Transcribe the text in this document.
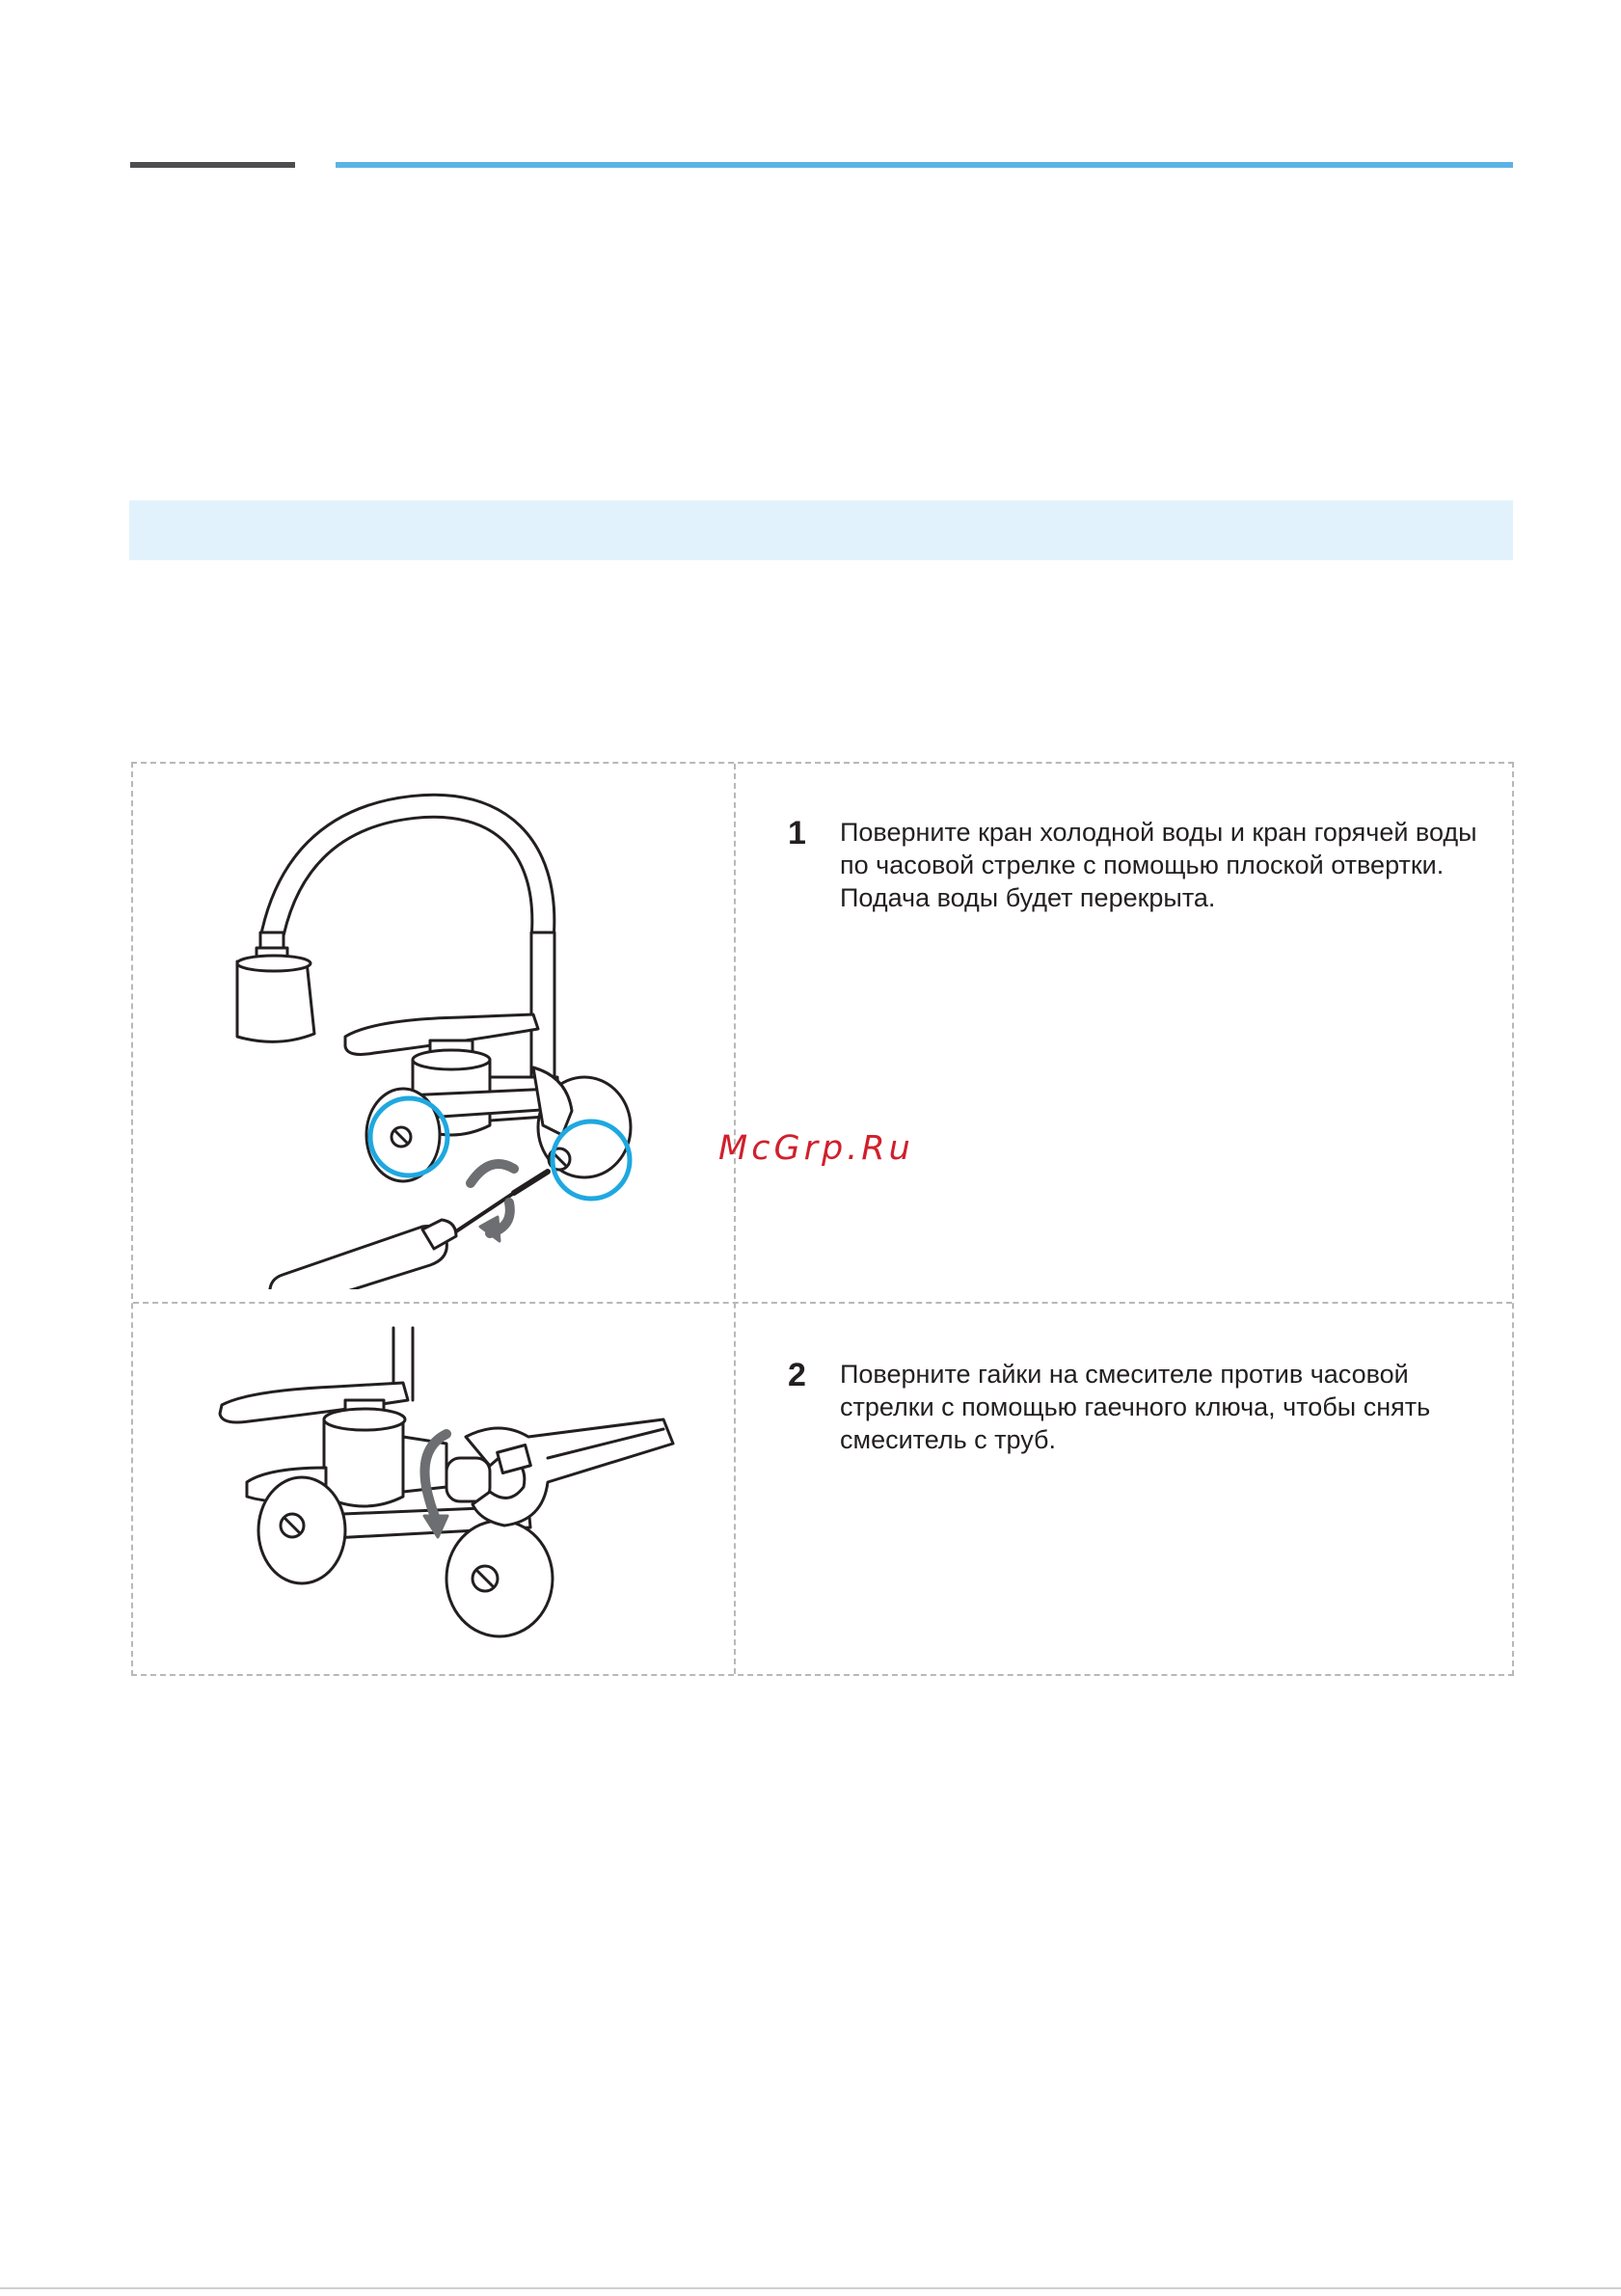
1 Поверните кран холодной воды и кран горячей воды по часовой стрелке с помощью плоской отвертки. Подача воды будет перекрыта.
2 Поверните гайки на смесителе против часовой стрелки с помощью гаечного ключа, чтобы снять смеситель с труб.
McGrp.Ru
